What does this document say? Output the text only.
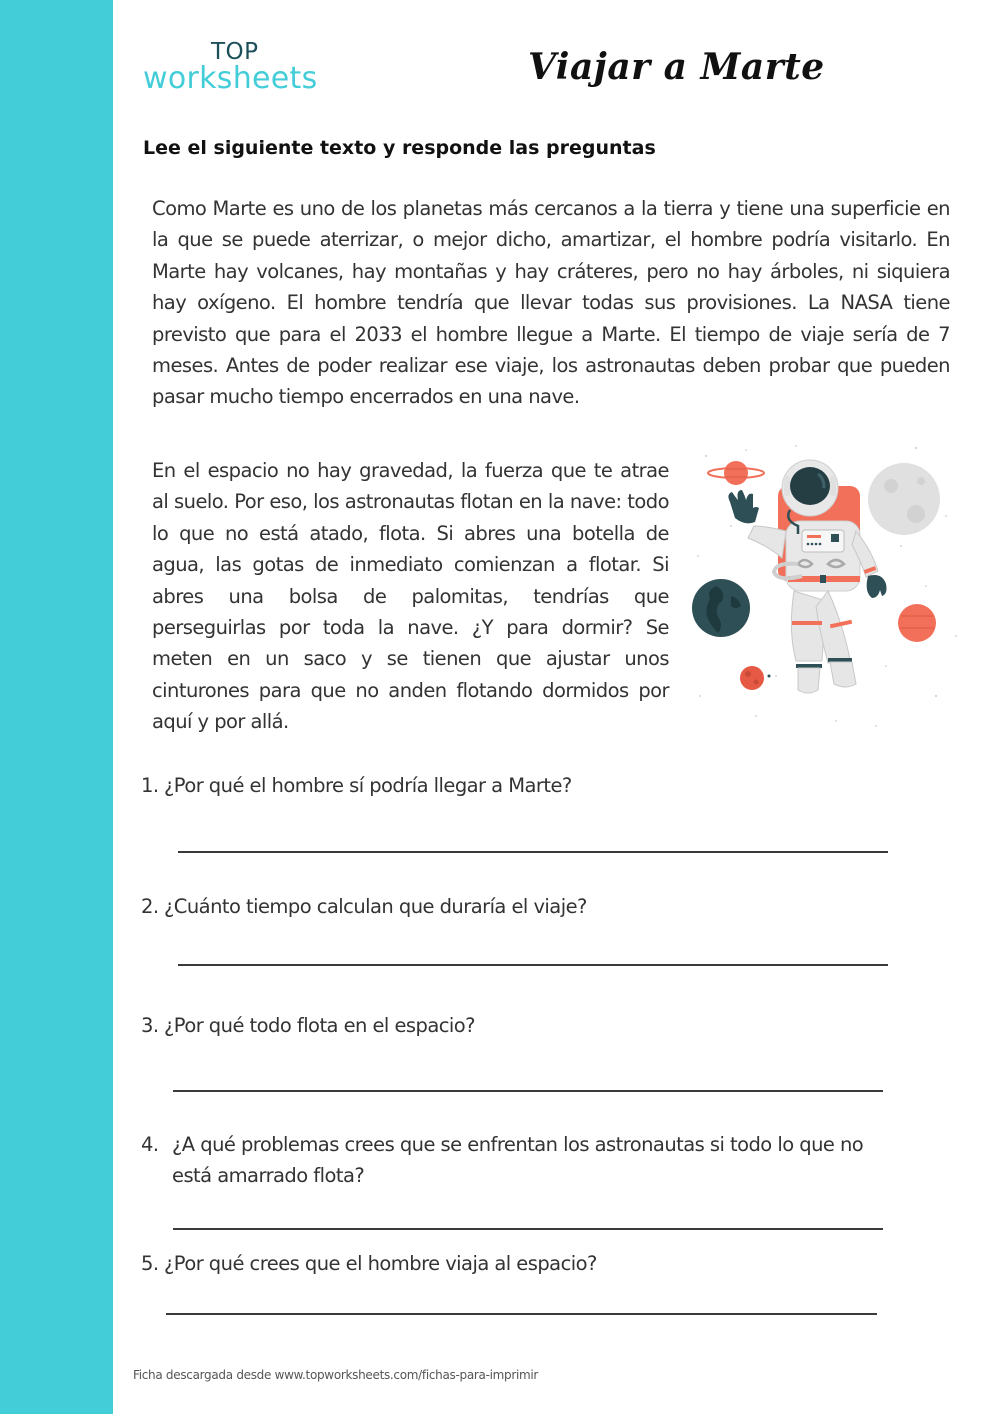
TOP
worksheets	Viajar a Marte
Lee el siguiente texto y responde las preguntas

Como Marte es uno de los planetas más cercanos a la tierra y tiene una superficie en la que se puede aterrizar, o mejor dicho, amartizar, el hombre podría visitarlo. En Marte hay volcanes, hay montañas y hay cráteres, pero no hay árboles, ni siquiera hay oxígeno. El hombre tendría que llevar todas sus provisiones. La NASA tiene previsto que para el 2033 el hombre llegue a Marte. El tiempo de viaje sería de 7 meses. Antes de poder realizar ese viaje, los astronautas deben probar que pueden pasar mucho tiempo encerrados en una nave.

En el espacio no hay gravedad, la fuerza que te atrae al suelo. Por eso, los astronautas flotan en la nave: todo lo que no está atado, flota. Si abres una botella de agua, las gotas de inmediato comienzan a flotar. Si abres una bolsa de palomitas, tendrías que perseguirlas por toda la nave. ¿Y para dormir? Se meten en un saco y se tienen que ajustar unos cinturones para que no anden flotando dormidos por aquí y por allá.

1. ¿Por qué el hombre sí podría llegar a Marte?
2. ¿Cuánto tiempo calculan que duraría el viaje?
3. ¿Por qué todo flota en el espacio?
4. ¿A qué problemas crees que se enfrentan los astronautas si todo lo que no
está amarrado flota?
5. ¿Por qué crees que el hombre viaja al espacio?
Ficha descargada desde www.topworksheets.com/fichas-para-imprimir
